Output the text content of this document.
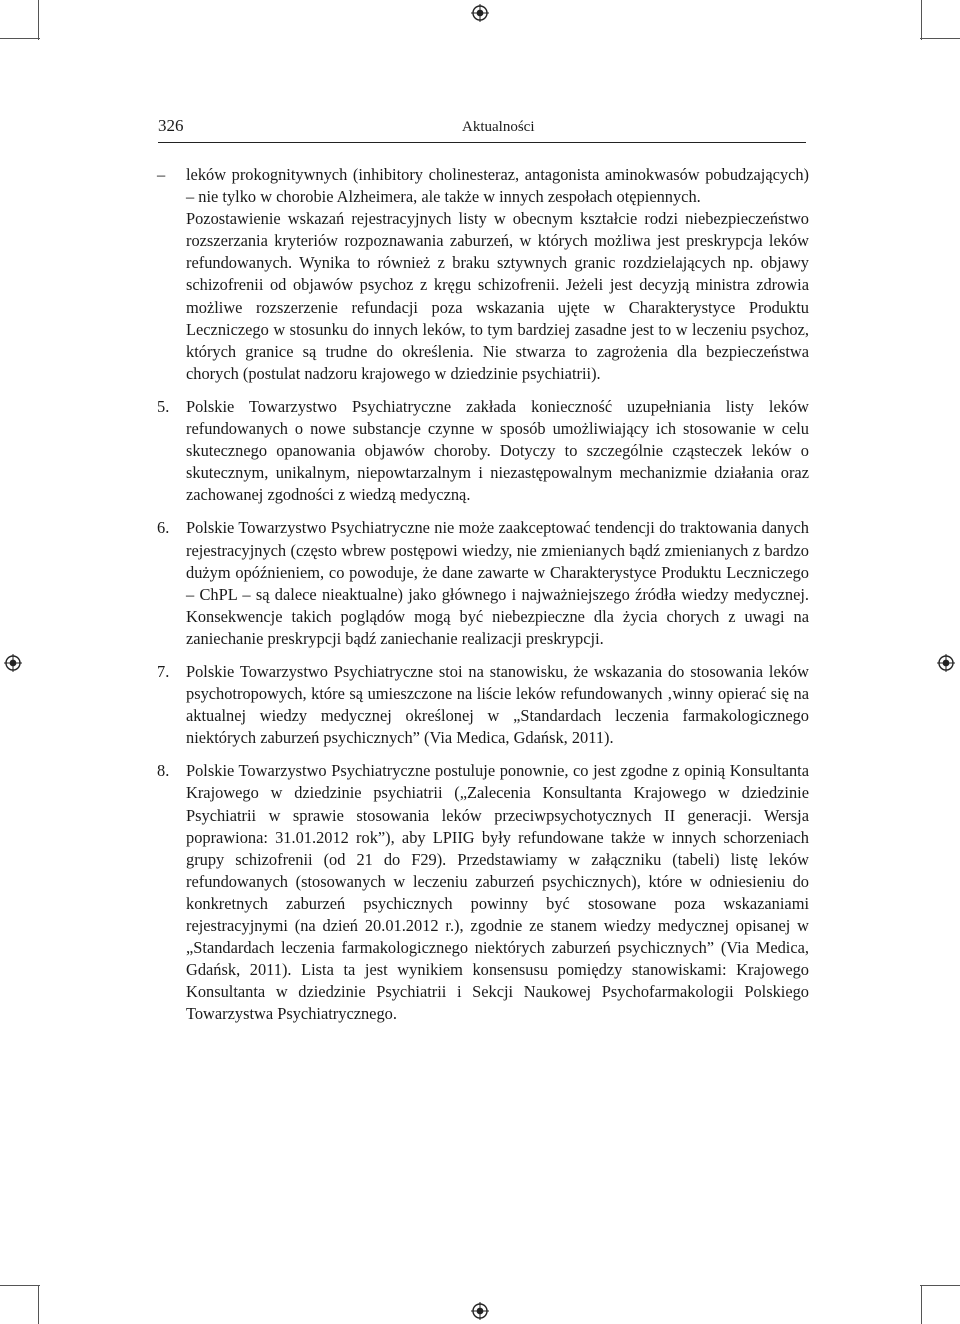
326	Aktualności
– leków prokognitywnych (inhibitory cholinesteraz, antagonista aminokwasów pobudzających) – nie tylko w chorobie Alzheimera, ale także w innych zespołach otępiennych.

Pozostawienie wskazań rejestracyjnych listy w obecnym kształcie rodzi niebezpieczeństwo rozszerzania kryteriów rozpoznawania zaburzeń, w których możliwa jest preskrypcja leków refundowanych. Wynika to również z braku sztywnych granic rozdzielających np. objawy schizofrenii od objawów psychoz z kręgu schizofrenii. Jeżeli jest decyzją ministra zdrowia możliwe rozszerzenie refundacji poza wskazania ujęte w Charakterystyce Produktu Leczniczego w stosunku do innych leków, to tym bardziej zasadne jest to w leczeniu psychoz, których granice są trudne do określenia. Nie stwarza to zagrożenia dla bezpieczeństwa chorych (postulat nadzoru krajowego w dziedzinie psychiatrii).

5. Polskie Towarzystwo Psychiatryczne zakłada konieczność uzupełniania listy leków refundowanych o nowe substancje czynne w sposób umożliwiający ich stosowanie w celu skutecznego opanowania objawów choroby. Dotyczy to szczególnie cząsteczek leków o skutecznym, unikalnym, niepowtarzalnym i niezastępowalnym mechanizmie działania oraz zachowanej zgodności z wiedzą medyczną.

6. Polskie Towarzystwo Psychiatryczne nie może zaakceptować tendencji do traktowania danych rejestracyjnych (często wbrew postępowi wiedzy, nie zmienianych bądź zmienianych z bardzo dużym opóźnieniem, co powoduje, że dane zawarte w Charakterystyce Produktu Leczniczego – ChPL – są dalece nieaktualne) jako głównego i najważniejszego źródła wiedzy medycznej. Konsekwencje takich poglądów mogą być niebezpieczne dla życia chorych z uwagi na zaniechanie preskrypcji bądź zaniechanie realizacji preskrypcji.

7. Polskie Towarzystwo Psychiatryczne stoi na stanowisku, że wskazania do stosowania leków psychotropowych, które są umieszczone na liście leków refundowanych ‚winny opierać się na aktualnej wiedzy medycznej określonej w „Standardach leczenia farmakologicznego niektórych zaburzeń psychicznych” (Via Medica, Gdańsk, 2011).

8. Polskie Towarzystwo Psychiatryczne postuluje ponownie, co jest zgodne z opinią Konsultanta Krajowego w dziedzinie psychiatrii („Zalecenia Konsultanta Krajowego w dziedzinie Psychiatrii w sprawie stosowania leków przeciwpsychotycznych II generacji. Wersja poprawiona: 31.01.2012 rok”), aby LPIIG były refundowane także w innych schorzeniach grupy schizofrenii (od 21 do F29). Przedstawiamy w załączniku (tabeli) listę leków refundowanych (stosowanych w leczeniu zaburzeń psychicznych), które w odniesieniu do konkretnych zaburzeń psychicznych powinny być stosowane poza wskazaniami rejestracyjnymi (na dzień 20.01.2012 r.), zgodnie ze stanem wiedzy medycznej opisanej w „Standardach leczenia farmakologicznego niektórych zaburzeń psychicznych” (Via Medica, Gdańsk, 2011). Lista ta jest wynikiem konsensusu pomiędzy stanowiskami: Krajowego Konsultanta w dziedzinie Psychiatrii i Sekcji Naukowej Psychofarmakologii Polskiego Towarzystwa Psychiatrycznego.
